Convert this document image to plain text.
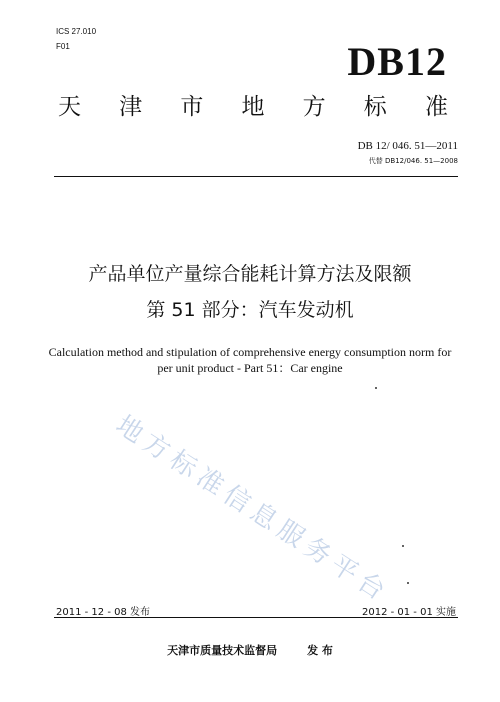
ICS 27.010
F01	DB12
天 津 市 地 方 标 准
DB 12/ 046. 51—2011
代替 DB12/046. 51—2008
产品单位产量综合能耗计算方法及限额
第 51 部分：汽车发动机
Calculation method and stipulation of comprehensive energy consumption norm for
per unit product - Part 51：Car engine
地方标准信息服务平台
2011 - 12 - 08 发布	2012 - 01 - 01 实施
天津市质量技术监督局	发 布
